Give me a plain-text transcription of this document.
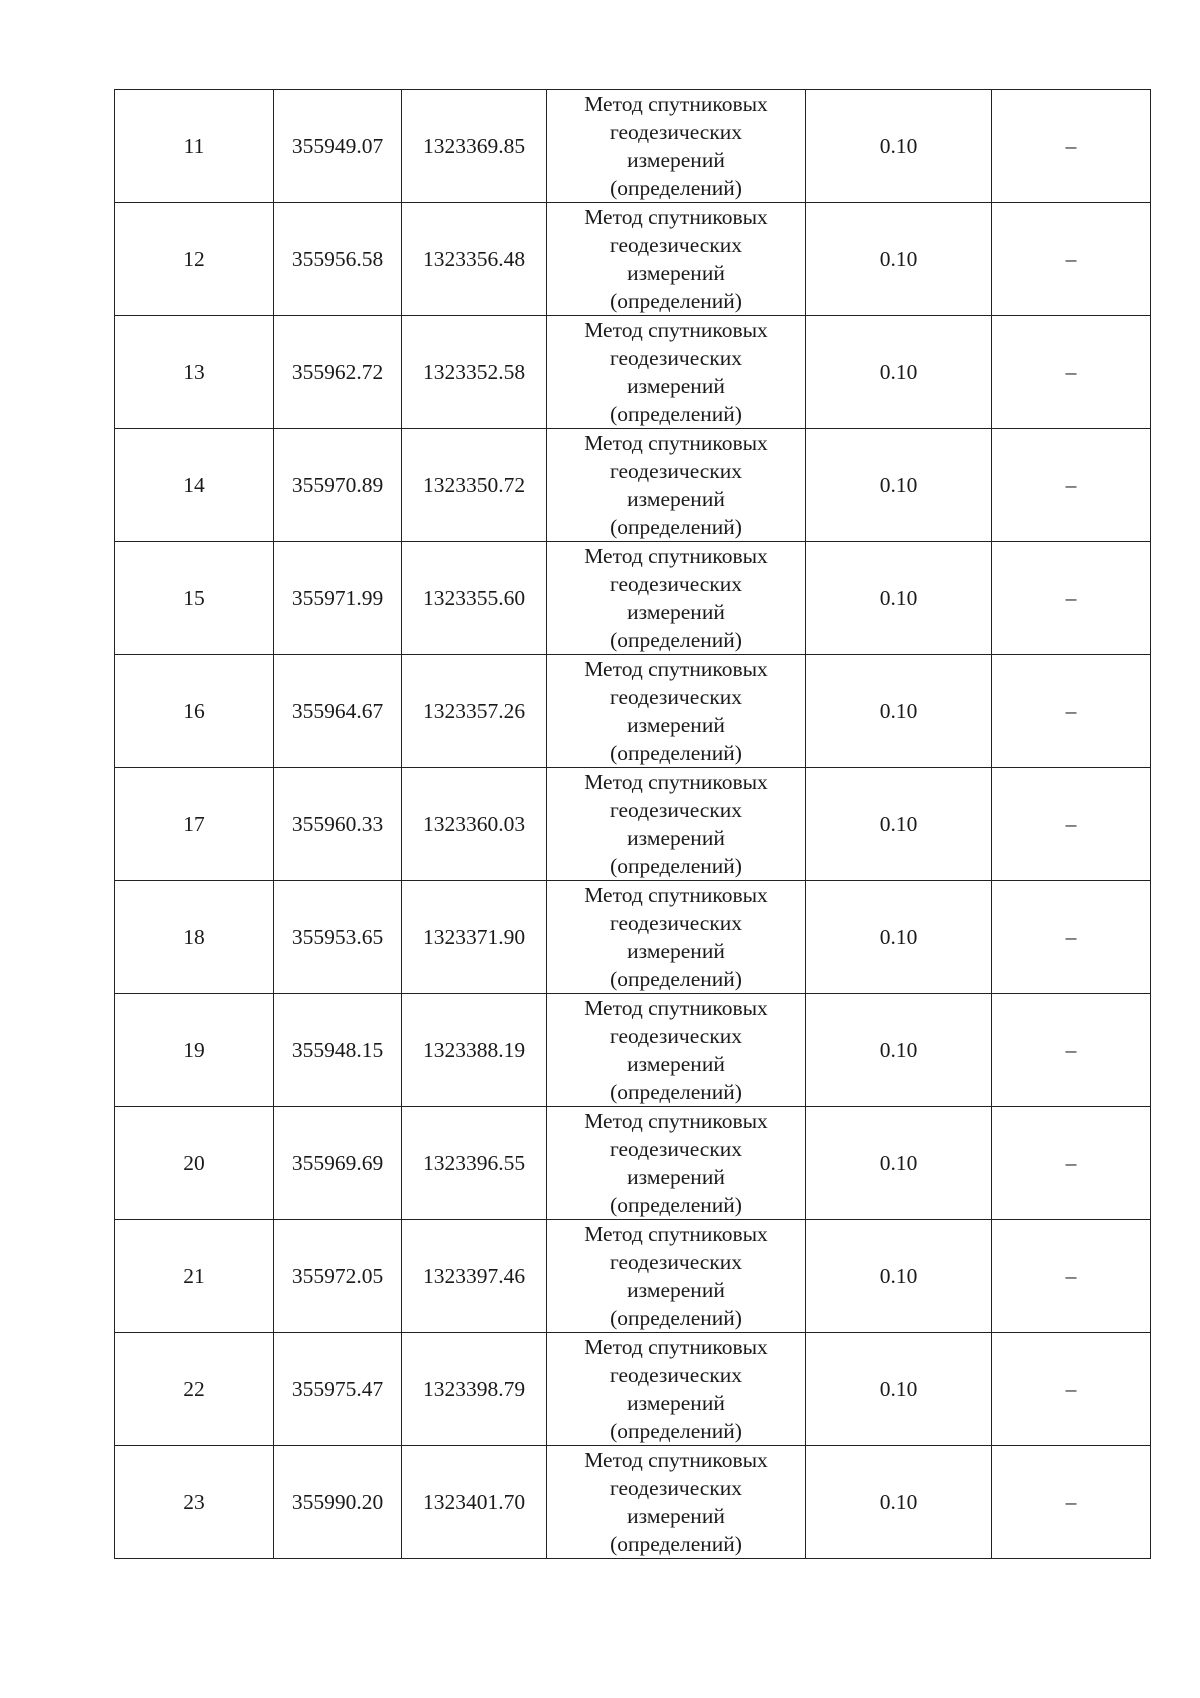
11	355949.07	1323369.85	Метод спутниковых
геодезических
измерений
(определений)	0.10	–
12	355956.58	1323356.48	Метод спутниковых
геодезических
измерений
(определений)	0.10	–
13	355962.72	1323352.58	Метод спутниковых
геодезических
измерений
(определений)	0.10	–
14	355970.89	1323350.72	Метод спутниковых
геодезических
измерений
(определений)	0.10	–
15	355971.99	1323355.60	Метод спутниковых
геодезических
измерений
(определений)	0.10	–
16	355964.67	1323357.26	Метод спутниковых
геодезических
измерений
(определений)	0.10	–
17	355960.33	1323360.03	Метод спутниковых
геодезических
измерений
(определений)	0.10	–
18	355953.65	1323371.90	Метод спутниковых
геодезических
измерений
(определений)	0.10	–
19	355948.15	1323388.19	Метод спутниковых
геодезических
измерений
(определений)	0.10	–
20	355969.69	1323396.55	Метод спутниковых
геодезических
измерений
(определений)	0.10	–
21	355972.05	1323397.46	Метод спутниковых
геодезических
измерений
(определений)	0.10	–
22	355975.47	1323398.79	Метод спутниковых
геодезических
измерений
(определений)	0.10	–
23	355990.20	1323401.70	Метод спутниковых
геодезических
измерений
(определений)	0.10	–
